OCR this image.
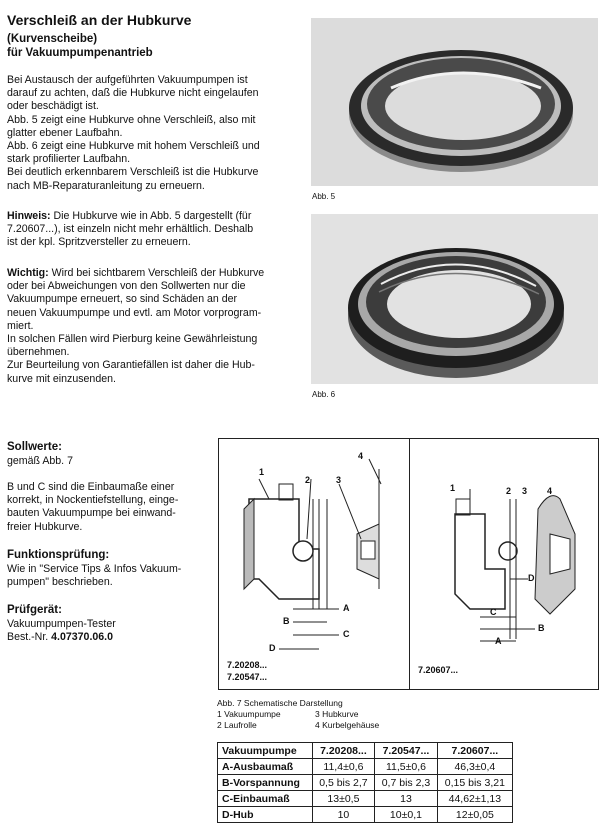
Verschleiß an der Hubkurve
(Kurvenscheibe)
für Vakuumpumpenantrieb
Bei Austausch der aufgeführten Vakuumpumpen ist
darauf zu achten, daß die Hubkurve nicht eingelaufen
oder beschädigt ist.
Abb. 5 zeigt eine Hubkurve ohne Verschleiß, also mit
glatter ebener Laufbahn.
Abb. 6 zeigt eine Hubkurve mit hohem Verschleiß und
stark profilierter Laufbahn.
Bei deutlich erkennbarem Verschleiß ist die Hubkurve
nach MB-Reparaturanleitung zu erneuern.
Hinweis: Die Hubkurve wie in Abb. 5 dargestellt (für
7.20607...), ist einzeln nicht mehr erhältlich. Deshalb
ist der kpl. Spritzversteller zu erneuern.
Wichtig: Wird bei sichtbarem Verschleiß der Hubkurve
oder bei Abweichungen von den Sollwerten nur die
Vakuumpumpe erneuert, so sind Schäden an der
neuen Vakuumpumpe und evtl. am Motor vorprogram-
miert.
In solchen Fällen wird Pierburg keine Gewährleistung
übernehmen.
Zur Beurteilung von Garantiefällen ist daher die Hub-
kurve mit einzusenden.
Abb. 5
Abb. 6
Sollwerte:
gemäß Abb. 7
B und C sind die Einbaumaße einer
korrekt, in Nockentiefstellung, einge-
bauten Vakuumpumpe bei einwand-
freier Hubkurve.
Funktionsprüfung:
Wie in "Service Tips & Infos Vakuum-
pumpen" beschrieben.
Prüfgerät:
Vakuumpumpen-Tester
Best.-Nr. 4.07370.06.0
1
2	3
4
A
B
C
D
7.20208...
7.20547...
1	2 3 4
D
C
B
A
7.20607...
Abb. 7 Schematische Darstellung
1 Vakuumpumpe
2 Laufrolle
3 Hubkurve
4 Kurbelgehäuse
Vakuumpumpe	7.20208...	7.20547...	7.20607...
A-Ausbaumaß	11,4±0,6	11,5±0,6	46,3±0,4
B-Vorspannung	0,5 bis 2,7	0,7 bis 2,3	0,15 bis 3,21
C-Einbaumaß	13±0,5	13	44,62±1,13
D-Hub	10	10±0,1	12±0,05
